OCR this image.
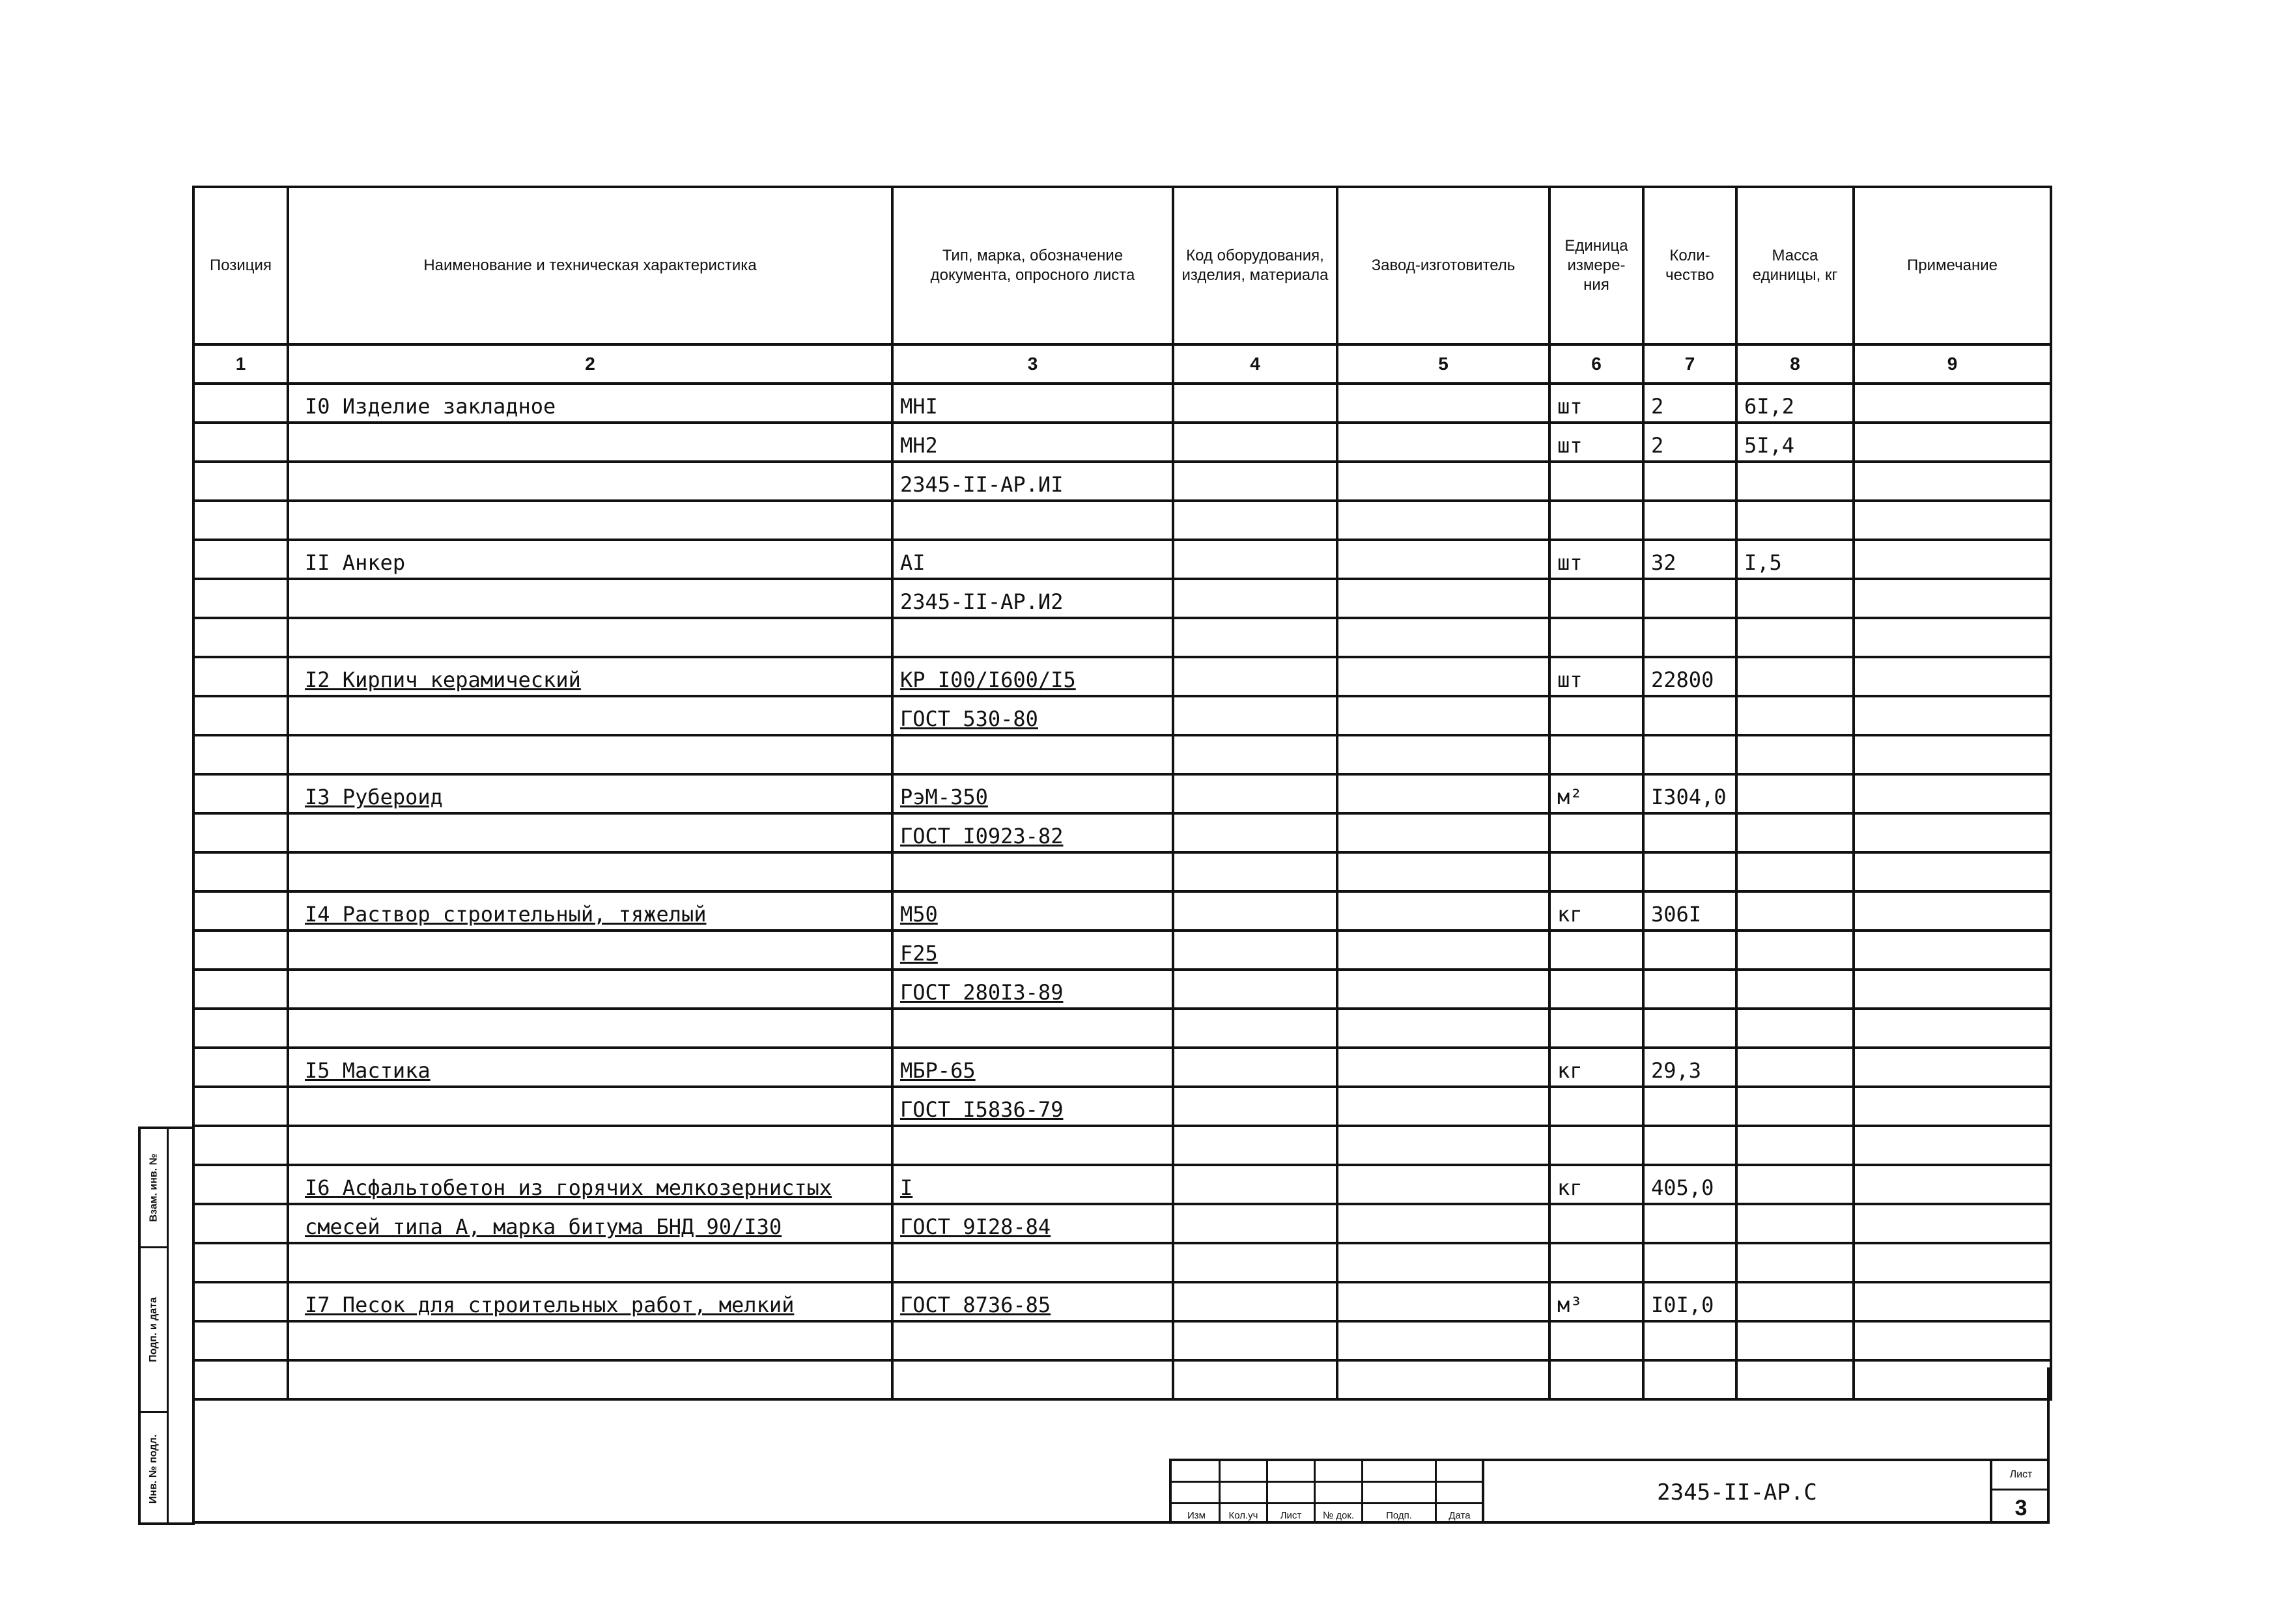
Позиция	Наименование и техническая характеристика	Тип, марка, обозначение документа, опросного листа	Код оборудования, изделия, материала	Завод-изготовитель	Единица измере-ния	Коли-чество	Масса единицы, кг	Примечание
1	2	3	4	5	6	7	8	9
	I0 Изделие закладное	МНI			шт	2	6I,2	
		МН2			шт	2	5I,4	
		2345-II-АР.ИI						

	II Анкер	АI			шт	32	I,5	
		2345-II-АР.И2						

	I2 Кирпич керамический	КР I00/I600/I5			шт	22800		
		ГОСТ 530-80						

	I3 Рубероид	РэМ-350			м²	I304,0		
		ГОСТ I0923-82						

	I4 Раствор строительный, тяжелый	М50			кг	306I		
		F25						
		ГОСТ 280I3-89						

	I5 Мастика	МБР-65			кг	29,3		
		ГОСТ I5836-79						

	I6 Асфальтобетон из горячих мелкозернистых	I			кг	405,0		
	смесей типа А, марка битума БНД 90/I30	ГОСТ 9I28-84						

	I7 Песок для строительных работ, мелкий	ГОСТ 8736-85			м³	I0I,0		

Взам. инв. №
Подп. и дата
Инв. № подл.
Изм	Кол.уч	Лист	№ док.	Подп.	Дата
2345-II-АР.С
Лист
3
